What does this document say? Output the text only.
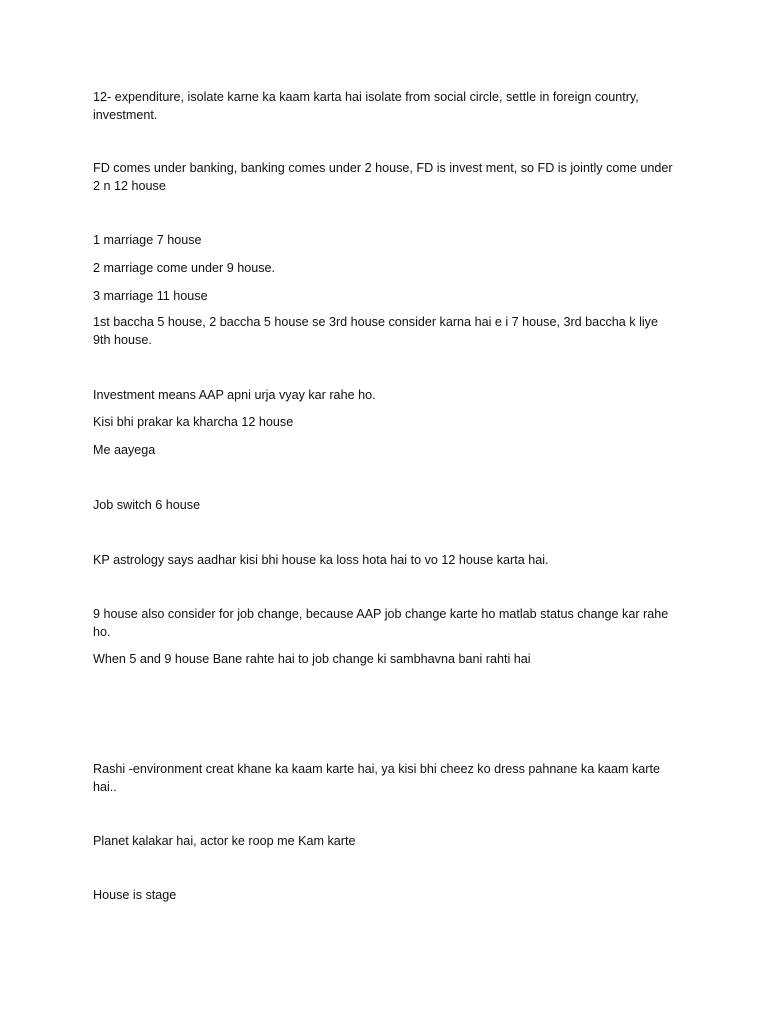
12- expenditure, isolate karne ka kaam karta hai isolate from social circle, settle in foreign country, investment.

FD comes under banking, banking comes under 2 house, FD is invest ment, so FD is jointly come under 2 n 12 house

1 marriage 7 house

2 marriage come under 9 house.

3 marriage 11 house

1st baccha 5 house, 2 baccha 5 house se 3rd house consider karna hai e i 7 house, 3rd baccha k liye 9th house.

Investment means AAP apni urja vyay kar rahe ho.

Kisi bhi prakar ka kharcha 12 house

Me aayega

Job switch 6 house

KP astrology says aadhar kisi bhi house ka loss hota hai to vo 12 house karta hai.

9 house also consider for job change, because AAP job change karte ho matlab status change kar rahe ho.

When 5 and 9 house Bane rahte hai to job change ki sambhavna bani rahti hai

Rashi -environment creat khane ka kaam karte hai, ya kisi bhi cheez ko dress pahnane ka kaam karte hai..

Planet kalakar hai, actor ke roop me Kam karte

House is stage
